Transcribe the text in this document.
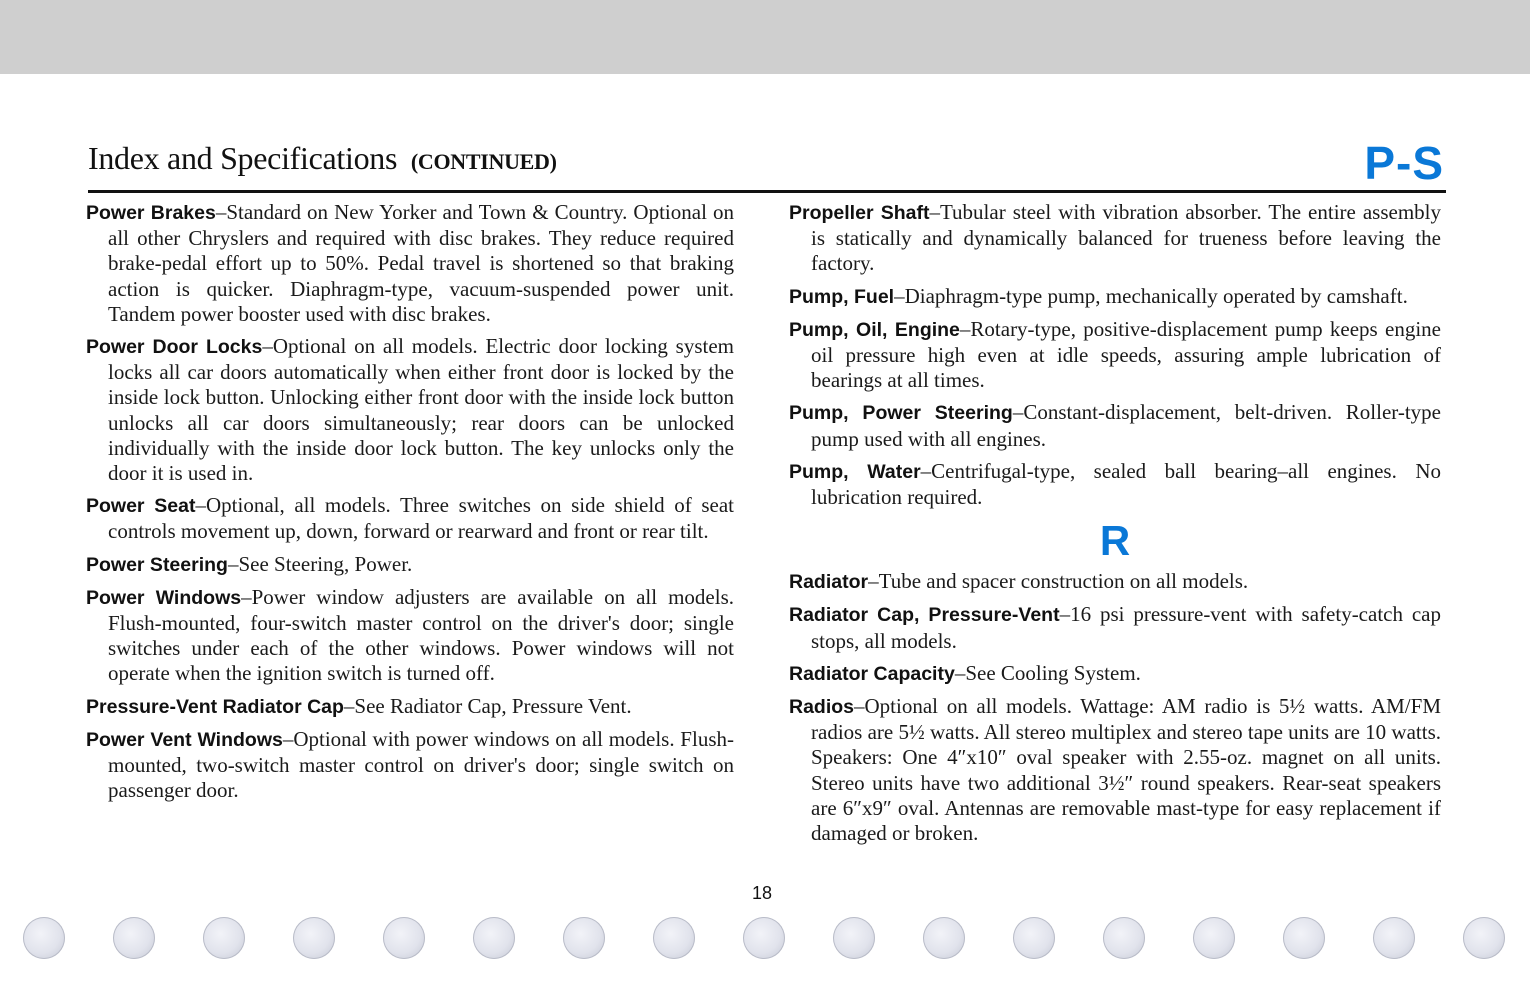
Index and Specifications (CONTINUED)	P-S

Power Brakes–Standard on New Yorker and Town & Country. Optional on all other Chryslers and required with disc brakes. They reduce required brake-pedal effort up to 50%. Pedal travel is shortened so that braking action is quicker. Diaphragm-type, vacuum-suspended power unit. Tandem power booster used with disc brakes.

Power Door Locks–Optional on all models. Electric door locking system locks all car doors automatically when either front door is locked by the inside lock button. Unlocking either front door with the inside lock button unlocks all car doors simultaneously; rear doors can be unlocked individually with the inside door lock button. The key unlocks only the door it is used in.

Power Seat–Optional, all models. Three switches on side shield of seat controls movement up, down, forward or rearward and front or rear tilt.

Power Steering–See Steering, Power.

Power Windows–Power window adjusters are available on all models. Flush-mounted, four-switch master control on the driver's door; single switches under each of the other windows. Power windows will not operate when the ignition switch is turned off.

Pressure-Vent Radiator Cap–See Radiator Cap, Pressure Vent.

Power Vent Windows–Optional with power windows on all models. Flush-mounted, two-switch master control on driver's door; single switch on passenger door.

Propeller Shaft–Tubular steel with vibration absorber. The entire assembly is statically and dynamically balanced for trueness before leaving the factory.

Pump, Fuel–Diaphragm-type pump, mechanically operated by camshaft.

Pump, Oil, Engine–Rotary-type, positive-displacement pump keeps engine oil pressure high even at idle speeds, assuring ample lubrication of bearings at all times.

Pump, Power Steering–Constant-displacement, belt-driven. Roller-type pump used with all engines.

Pump, Water–Centrifugal-type, sealed ball bearing–all engines. No lubrication required.

R

Radiator–Tube and spacer construction on all models.

Radiator Cap, Pressure-Vent–16 psi pressure-vent with safety-catch cap stops, all models.

Radiator Capacity–See Cooling System.

Radios–Optional on all models. Wattage: AM radio is 5½ watts. AM/FM radios are 5½ watts. All stereo multiplex and stereo tape units are 10 watts. Speakers: One 4″x10″ oval speaker with 2.55-oz. magnet on all units. Stereo units have two additional 3½″ round speakers. Rear-seat speakers are 6″x9″ oval. Antennas are removable mast-type for easy replacement if damaged or broken.

18
